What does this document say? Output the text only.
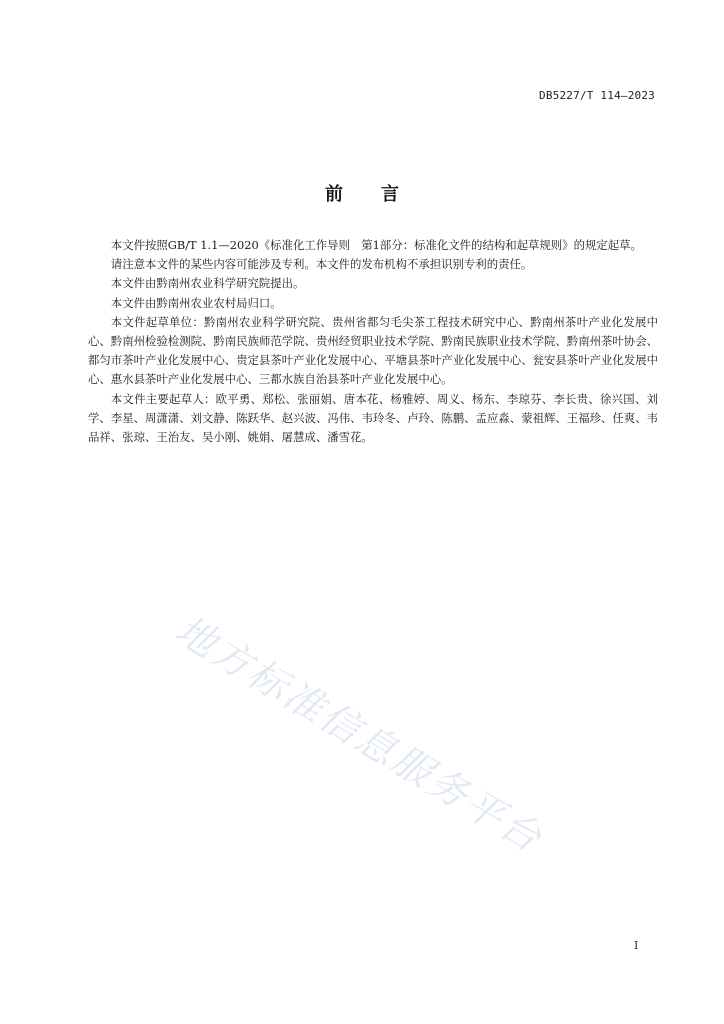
DB5227/T 114—2023
前言

本文件按照GB/T 1.1—2020《标准化工作导则　第1部分：标准化文件的结构和起草规则》的规定起草。

请注意本文件的某些内容可能涉及专利。本文件的发布机构不承担识别专利的责任。

本文件由黔南州农业科学研究院提出。

本文件由黔南州农业农村局归口。

本文件起草单位：黔南州农业科学研究院、贵州省都匀毛尖茶工程技术研究中心、黔南州茶叶产业化发展中心、黔南州检验检测院、黔南民族师范学院、贵州经贸职业技术学院、黔南民族职业技术学院、黔南州茶叶协会、都匀市茶叶产业化发展中心、贵定县茶叶产业化发展中心、平塘县茶叶产业化发展中心、瓮安县茶叶产业化发展中心、惠水县茶叶产业化发展中心、三都水族自治县茶叶产业化发展中心。

本文件主要起草人：欧平勇、郑松、张丽娟、唐本花、杨雅婷、周义、杨东、李琼芬、李长贵、徐兴国、刘学、李星、周潇潇、刘文静、陈跃华、赵兴波、冯伟、韦玲冬、卢玲、陈鹏、孟应淼、蒙祖辉、王福珍、任爽、韦品祥、张琼、王治友、吴小刚、姚娟、屠慧成、潘雪花。

地方标准信息服务平台
I
